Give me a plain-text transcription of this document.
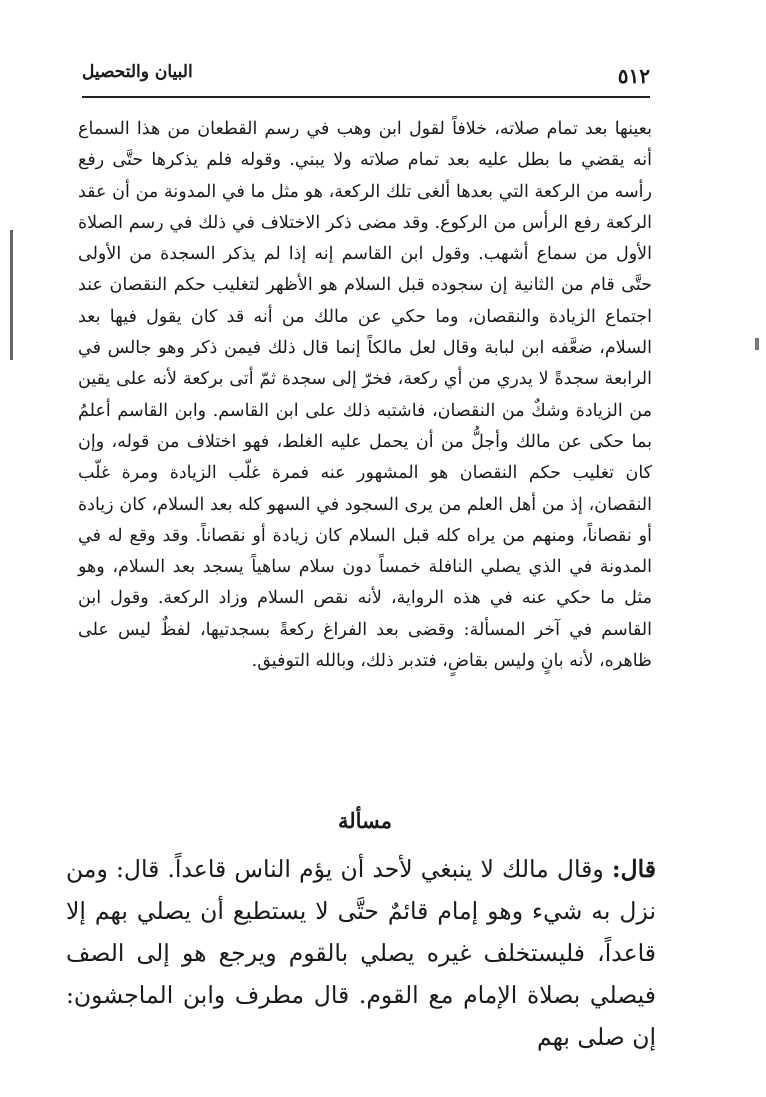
٥١٢
البيان والتحصيل

بعينها بعد تمام صلاته، خلافاً لقول ابن وهب في رسم القطعان من هذا السماع أنه يقضي ما بطل عليه بعد تمام صلاته ولا يبني. وقوله فلم يذكرها حتَّى رفع رأسه من الركعة التي بعدها ألغى تلك الركعة، هو مثل ما في المدونة من أن عقد الركعة رفع الرأس من الركوع. وقد مضى ذكر الاختلاف في ذلك في رسم الصلاة الأول من سماع أشهب. وقول ابن القاسم إنه إذا لم يذكر السجدة من الأولى حتَّى قام من الثانية إن سجوده قبل السلام هو الأظهر لتغليب حكم النقصان عند اجتماع الزيادة والنقصان، وما حكي عن مالك من أنه قد كان يقول فيها بعد السلام، ضعَّفه ابن لبابة وقال لعل مالكاً إنما قال ذلك فيمن ذكر وهو جالس في الرابعة سجدةً لا يدري من أي ركعة، فخرّ إلى سجدة ثمّ أتى بركعة لأنه على يقين من الزيادة وشكٌ من النقصان، فاشتبه ذلك على ابن القاسم. وابن القاسم أعلمُ بما حكى عن مالك وأجلُّ من أن يحمل عليه الغلط، فهو اختلاف من قوله، وإن كان تغليب حكم النقصان هو المشهور عنه فمرة غلّب الزيادة ومرة غلّب النقصان، إذ من أهل العلم من يرى السجود في السهو كله بعد السلام، كان زيادة أو نقصاناً، ومنهم من يراه كله قبل السلام كان زيادة أو نقصاناً. وقد وقع له في المدونة في الذي يصلي النافلة خمساً دون سلام ساهياً يسجد بعد السلام، وهو مثل ما حكي عنه في هذه الرواية، لأنه نقص السلام وزاد الركعة. وقول ابن القاسم في آخر المسألة: وقضى بعد الفراغ ركعةً بسجدتيها، لفظٌ ليس على ظاهره، لأنه بانٍ وليس بقاضٍ، فتدبر ذلك، وبالله التوفيق.

مسألة

قال: وقال مالك لا ينبغي لأحد أن يؤم الناس قاعداً. قال: ومن نزل به شيء وهو إمام قائمٌ حتَّى لا يستطيع أن يصلي بهم إلا قاعداً، فليستخلف غيره يصلي بالقوم ويرجع هو إلى الصف فيصلي بصلاة الإمام مع القوم. قال مطرف وابن الماجشون: إن صلى بهم
